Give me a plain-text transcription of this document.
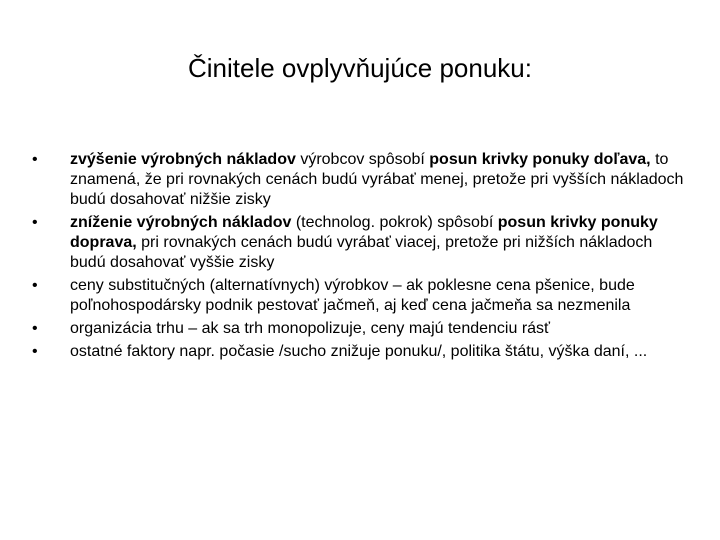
Činitele ovplyvňujúce ponuku:
• zvýšenie výrobných nákladov výrobcov spôsobí posun krivky ponuky doľava, to znamená, že pri rovnakých cenách budú vyrábať menej, pretože pri vyšších nákladoch budú dosahovať nižšie zisky
• zníženie výrobných nákladov (technolog. pokrok) spôsobí posun krivky ponuky doprava, pri rovnakých cenách budú vyrábať viacej, pretože pri nižších nákladoch budú dosahovať vyššie zisky
• ceny substitučných (alternatívnych) výrobkov – ak poklesne cena pšenice, bude poľnohospodársky podnik pestovať jačmeň, aj keď cena jačmeňa sa nezmenila
• organizácia trhu – ak sa trh monopolizuje, ceny majú tendenciu rásť
• ostatné faktory napr. počasie /sucho znižuje ponuku/, politika štátu, výška daní, ...
